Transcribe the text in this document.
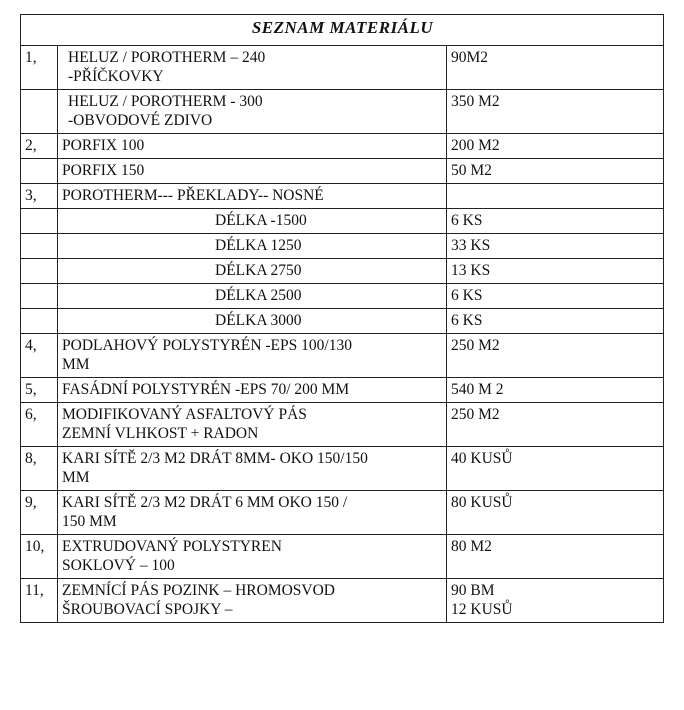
SEZNAM MATERIÁLU		
1,	HELUZ / POROTHERM – 240
-PŘÍČKOVKY	90M2
	HELUZ / POROTHERM - 300
-OBVODOVÉ ZDIVO	350 M2
2,	PORFIX 100	200 M2
	PORFIX 150	50 M2
3,	POROTHERM--- PŘEKLADY-- NOSNÉ	
	DÉLKA -1500	6 KS
	DÉLKA 1250	33 KS
	DÉLKA 2750	13 KS
	DÉLKA 2500	6 KS
	DÉLKA 3000	6 KS
4,	PODLAHOVÝ POLYSTYRÉN -EPS 100/130
MM	250 M2
5,	FASÁDNÍ POLYSTYRÉN -EPS 70/ 200 MM	540 M 2
6,	MODIFIKOVANÝ ASFALTOVÝ PÁS
ZEMNÍ VLHKOST + RADON	250 M2
8,	KARI SÍTĚ 2/3 M2 DRÁT 8MM- OKO 150/150
MM	40 KUSŮ
9,	KARI SÍTĚ 2/3 M2 DRÁT 6 MM OKO 150 /
150 MM	80 KUSŮ
10,	EXTRUDOVANÝ POLYSTYREN
SOKLOVÝ – 100	80 M2
11,	ZEMNÍCÍ PÁS POZINK – HROMOSVOD
ŠROUBOVACÍ SPOJKY –	90 BM
12 KUSŮ
